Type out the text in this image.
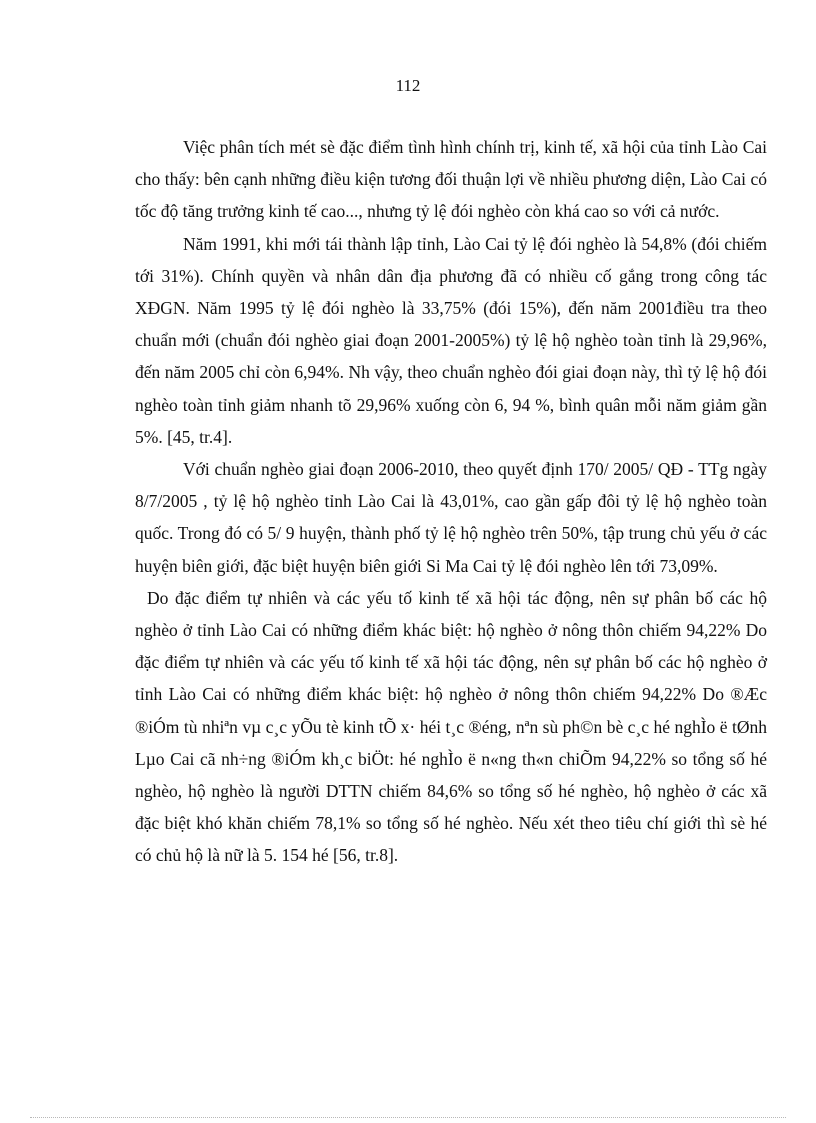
112

Việc phân tích mét sè đặc điểm tình hình chính trị, kinh tế, xã hội của tỉnh Lào Cai cho thấy: bên cạnh những điều kiện tương đối thuận lợi về nhiều phương diện, Lào Cai có tốc độ tăng trưởng kinh tế cao..., nhưng tỷ lệ đói nghèo còn khá cao so với cả nước.

Năm 1991, khi mới tái thành lập tỉnh, Lào Cai tỷ lệ đói nghèo là 54,8% (đói chiếm tới 31%). Chính quyền và nhân dân địa phương đã có nhiều cố gắng trong công tác XĐGN. Năm 1995 tỷ lệ đói nghèo là 33,75% (đói 15%), đến năm 2001điều tra theo chuẩn mới (chuẩn đói nghèo giai đoạn 2001-2005%) tỷ lệ hộ nghèo toàn tỉnh là 29,96%, đến năm 2005 chỉ còn 6,94%. Nh vậy, theo chuẩn nghèo đói giai đoạn này, thì tỷ lệ hộ đói nghèo toàn tỉnh giảm nhanh tõ 29,96% xuống còn 6, 94 %, bình quân mỗi năm giảm gần 5%. [45, tr.4].

Với chuẩn nghèo giai đoạn 2006-2010, theo quyết định 170/ 2005/ QĐ - TTg ngày 8/7/2005 , tỷ lệ hộ nghèo tỉnh Lào Cai là 43,01%, cao gần gấp đôi tỷ lệ hộ nghèo toàn quốc. Trong đó có 5/ 9 huyện, thành phố tỷ lệ hộ nghèo trên 50%, tập trung chủ yếu ở các huyện biên giới, đặc biệt huyện biên giới Si Ma Cai tỷ lệ đói nghèo lên tới 73,09%.

Do đặc điểm tự nhiên và các yếu tố kinh tế xã hội tác động, nên sự phân bố các hộ nghèo ở tỉnh Lào Cai có những điểm khác biệt: hộ nghèo ở nông thôn chiếm 94,22% Do đặc điểm tự nhiên và các yếu tố kinh tế xã hội tác động, nên sự phân bố các hộ nghèo ở tỉnh Lào Cai có những điểm khác biệt: hộ nghèo ở nông thôn chiếm 94,22% Do ®Æc ®iÓm tù nhiªn vµ c¸c yÕu tè kinh tÕ x· héi t¸c ®éng, nªn sù ph©n bè c¸c hé nghÌo ë tØnh Lµo Cai cã nh÷ng ®iÓm kh¸c biÖt: hé nghÌo ë n«ng th«n chiÕm 94,22% so tổng số hé nghèo, hộ nghèo là người DTTN chiếm 84,6% so tổng số hé nghèo, hộ nghèo ở các xã đặc biệt khó khăn chiếm 78,1% so tổng số hé nghèo. Nếu xét theo tiêu chí giới thì sè hé có chủ hộ là nữ là 5. 154 hé [56, tr.8].
